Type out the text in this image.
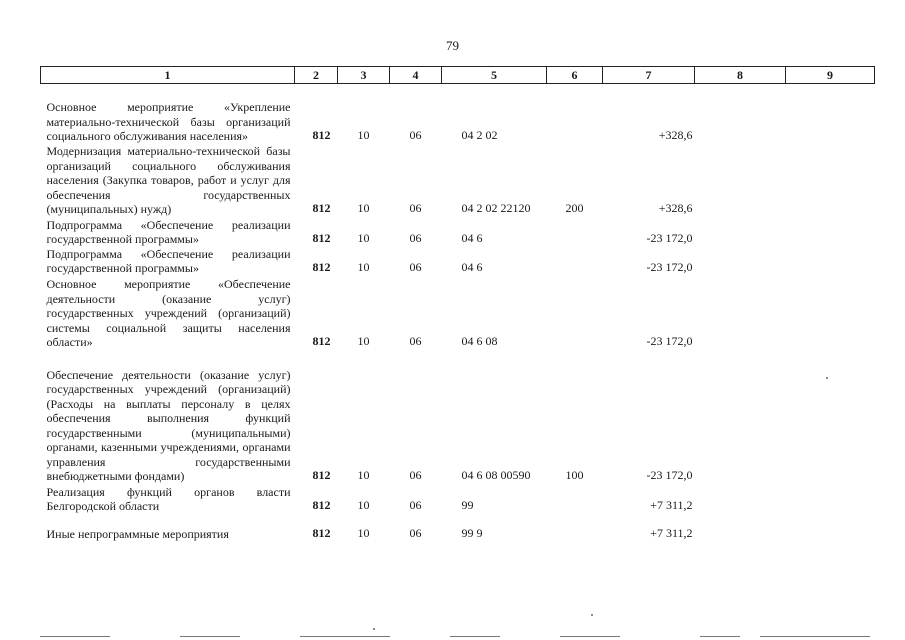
79
1	2	3	4	5	6	7	8	9
Основное мероприятие «Укрепление материально-технической базы организаций социального обслуживания населения»	812	10	06	04 2 02		+328,6		
Модернизация материально-технической базы организаций социального обслуживания населения (Закупка товаров, работ и услуг для обеспечения государственных (муниципальных) нужд)	812	10	06	04 2 02 22120	200	+328,6		
Подпрограмма «Обеспечение реализации государственной программы»	812	10	06	04 6		-23 172,0		
Подпрограмма «Обеспечение реализации государственной программы»	812	10	06	04 6		-23 172,0		
Основное мероприятие «Обеспечение деятельности (оказание услуг) государственных учреждений (организаций) системы социальной защиты населения области»	812	10	06	04 6 08		-23 172,0		
Обеспечение деятельности (оказание услуг) государственных учреждений (организаций) (Расходы на выплаты персоналу в целях обеспечения выполнения функций государственными (муниципальными) органами, казенными учреждениями, органами управления государственными внебюджетными фондами)	812	10	06	04 6 08 00590	100	-23 172,0		
Реализация функций органов власти Белгородской области	812	10	06	99		+7 311,2		
Иные непрограммные мероприятия	812	10	06	99 9		+7 311,2		
